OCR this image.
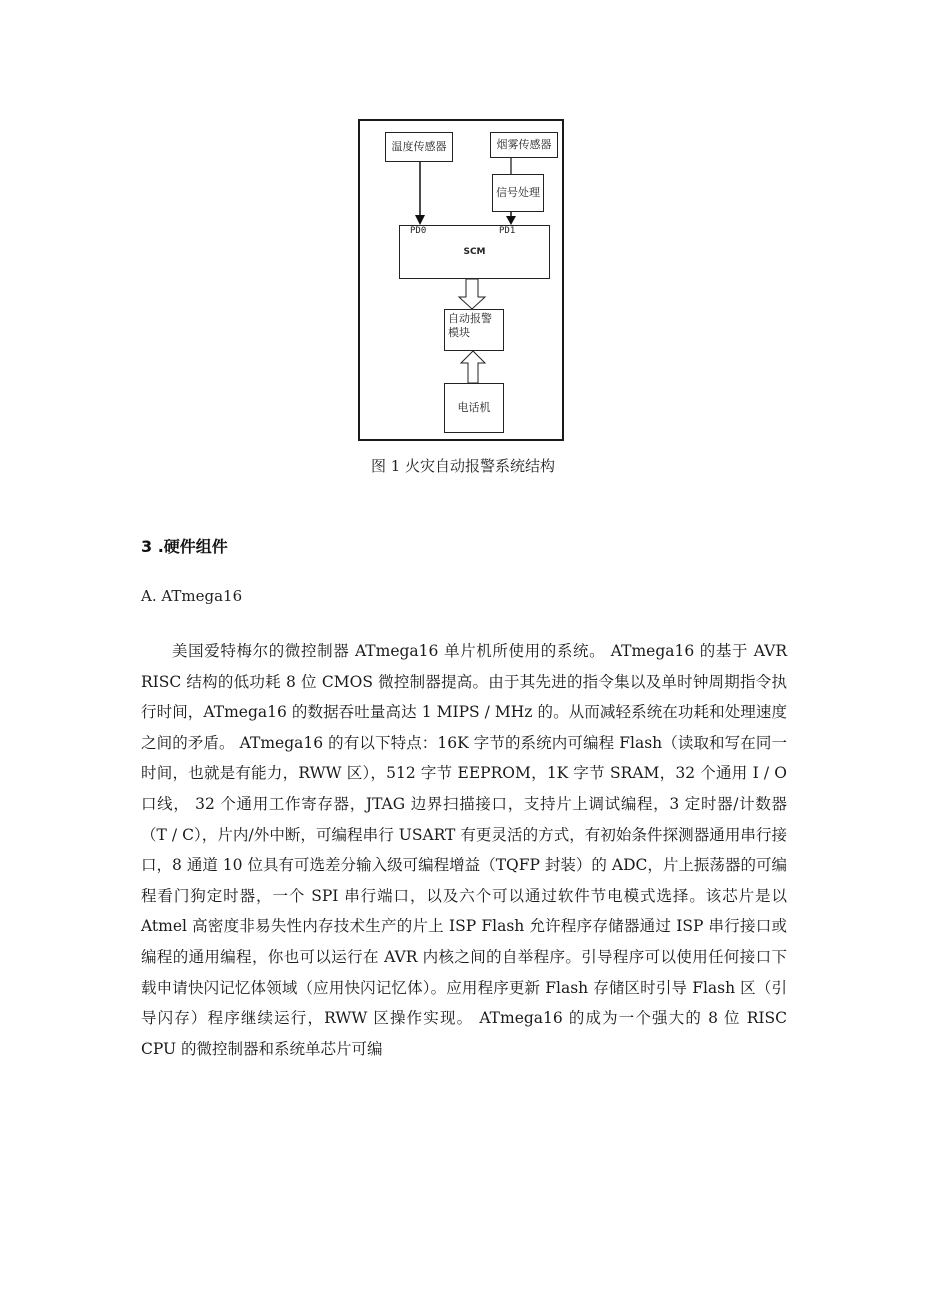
温度传感器	烟雾传感器
信号处理
SCM
PD0	PD1
自动报警模块
电话机
图 1 火灾自动报警系统结构
3 .硬件组件
A. ATmega16

美国爱特梅尔的微控制器 ATmega16 单片机所使用的系统。 ATmega16 的基于 AVR RISC 结构的低功耗 8 位 CMOS 微控制器提高。由于其先进的指令集以及单时钟周期指令执行时间，ATmega16 的数据吞吐量高达 1 MIPS / MHz 的。从而减轻系统在功耗和处理速度之间的矛盾。 ATmega16 的有以下特点：16K 字节的系统内可编程 Flash（读取和写在同一时间，也就是有能力，RWW 区），512 字节 EEPROM，1K 字节 SRAM，32 个通用 I / O 口线， 32 个通用工作寄存器，JTAG 边界扫描接口，支持片上调试编程，3 定时器/计数器（T / C），片内/外中断，可编程串行 USART 有更灵活的方式，有初始条件探测器通用串行接口，8 通道 10 位具有可选差分输入级可编程增益（TQFP 封装）的 ADC，片上振荡器的可编程看门狗定时器，一个 SPI 串行端口，以及六个可以通过软件节电模式选择。该芯片是以 Atmel 高密度非易失性内存技术生产的片上 ISP Flash 允许程序存储器通过 ISP 串行接口或编程的通用编程，你也可以运行在 AVR 内核之间的自举程序。引导程序可以使用任何接口下载申请快闪记忆体领域（应用快闪记忆体）。应用程序更新 Flash 存储区时引导 Flash 区（引导闪存）程序继续运行，RWW 区操作实现。 ATmega16 的成为一个强大的 8 位 RISC CPU 的微控制器和系统单芯片可编
